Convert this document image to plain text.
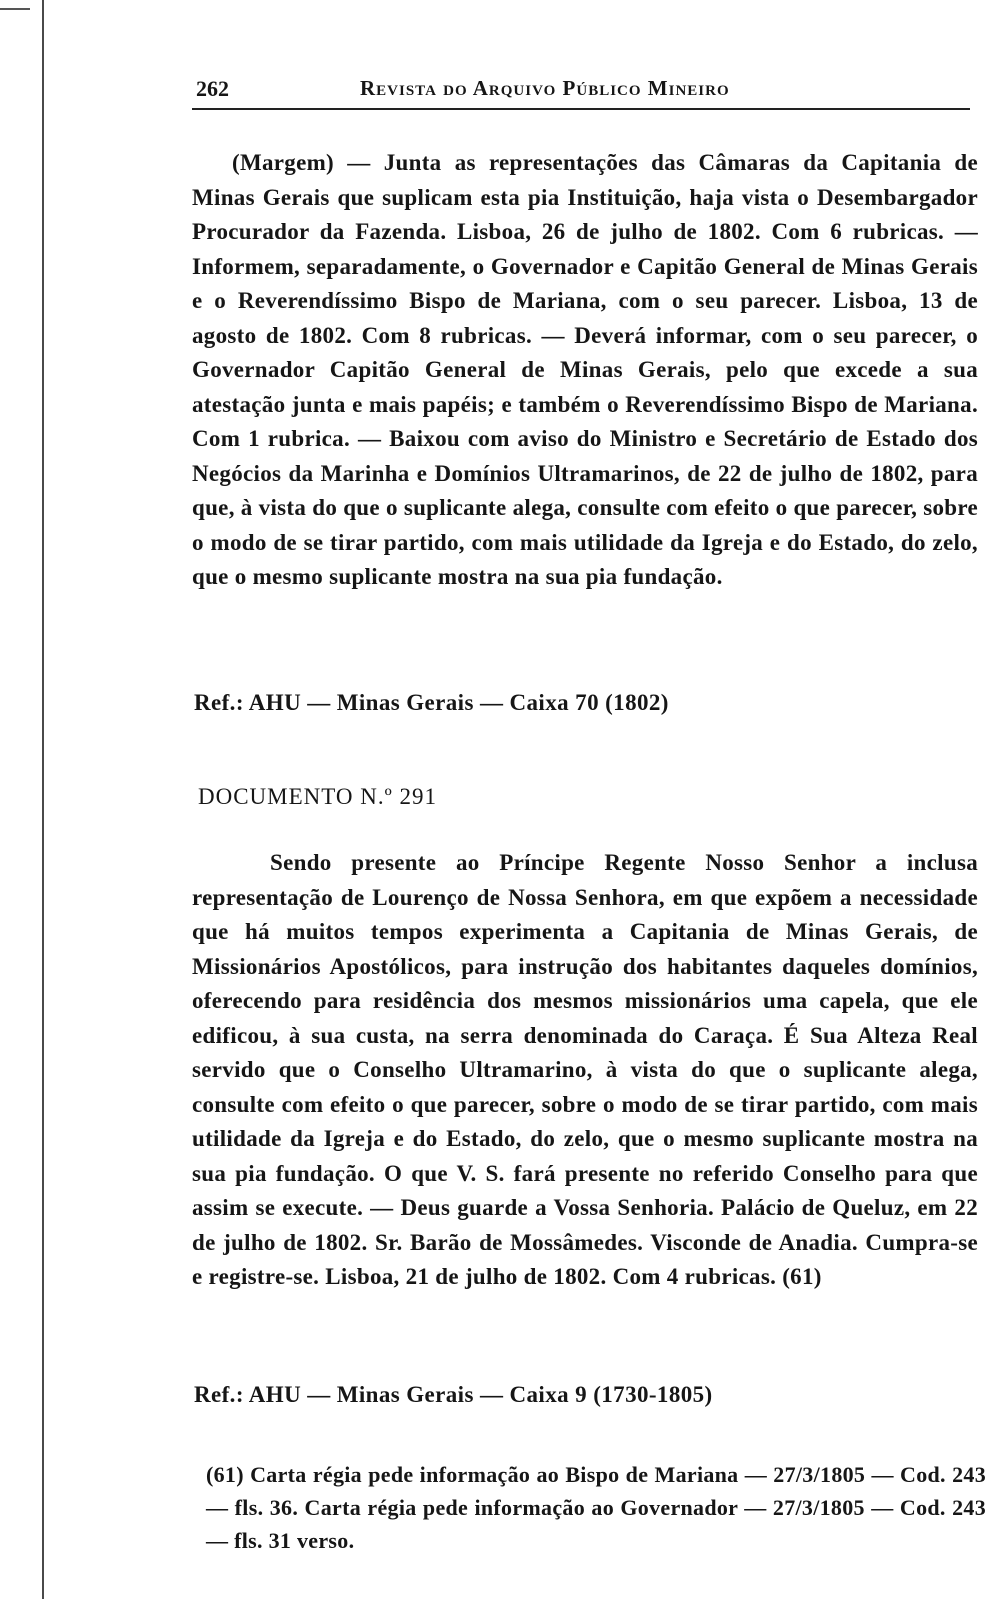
262	Revista do Arquivo Público Mineiro

(Margem) — Junta as representações das Câmaras da Capitania de Minas Gerais que suplicam esta pia Instituição, haja vista o Desembargador Procurador da Fazenda. Lisboa, 26 de julho de 1802. Com 6 rubricas. — Informem, separadamente, o Governador e Capitão General de Minas Gerais e o Reverendíssimo Bispo de Mariana, com o seu parecer. Lisboa, 13 de agosto de 1802. Com 8 rubricas. — Deverá informar, com o seu parecer, o Governador Capitão General de Minas Gerais, pelo que excede a sua atestação junta e mais papéis; e também o Reverendíssimo Bispo de Mariana. Com 1 rubrica. — Baixou com aviso do Ministro e Secretário de Estado dos Negócios da Marinha e Domínios Ultramarinos, de 22 de julho de 1802, para que, à vista do que o suplicante alega, consulte com efeito o que parecer, sobre o modo de se tirar partido, com mais utilidade da Igreja e do Estado, do zelo, que o mesmo suplicante mostra na sua pia fundação.

Ref.: AHU — Minas Gerais — Caixa 70 (1802)
DOCUMENTO N.º 291

Sendo presente ao Príncipe Regente Nosso Senhor a inclusa representação de Lourenço de Nossa Senhora, em que expõem a necessidade que há muitos tempos experimenta a Capitania de Minas Gerais, de Missionários Apostólicos, para instrução dos habitantes daqueles domínios, oferecendo para residência dos mesmos missionários uma capela, que ele edificou, à sua custa, na serra denominada do Caraça. É Sua Alteza Real servido que o Conselho Ultramarino, à vista do que o suplicante alega, consulte com efeito o que parecer, sobre o modo de se tirar partido, com mais utilidade da Igreja e do Estado, do zelo, que o mesmo suplicante mostra na sua pia fundação. O que V. S. fará presente no referido Conselho para que assim se execute. — Deus guarde a Vossa Senhoria. Palácio de Queluz, em 22 de julho de 1802. Sr. Barão de Mossâmedes. Visconde de Anadia. Cumpra-se e registre-se. Lisboa, 21 de julho de 1802. Com 4 rubricas. (61)

Ref.: AHU — Minas Gerais — Caixa 9 (1730-1805)

(61) Carta régia pede informação ao Bispo de Mariana — 27/3/1805 — Cod. 243 — fls. 36. Carta régia pede informação ao Governador — 27/3/1805 — Cod. 243 — fls. 31 verso.
